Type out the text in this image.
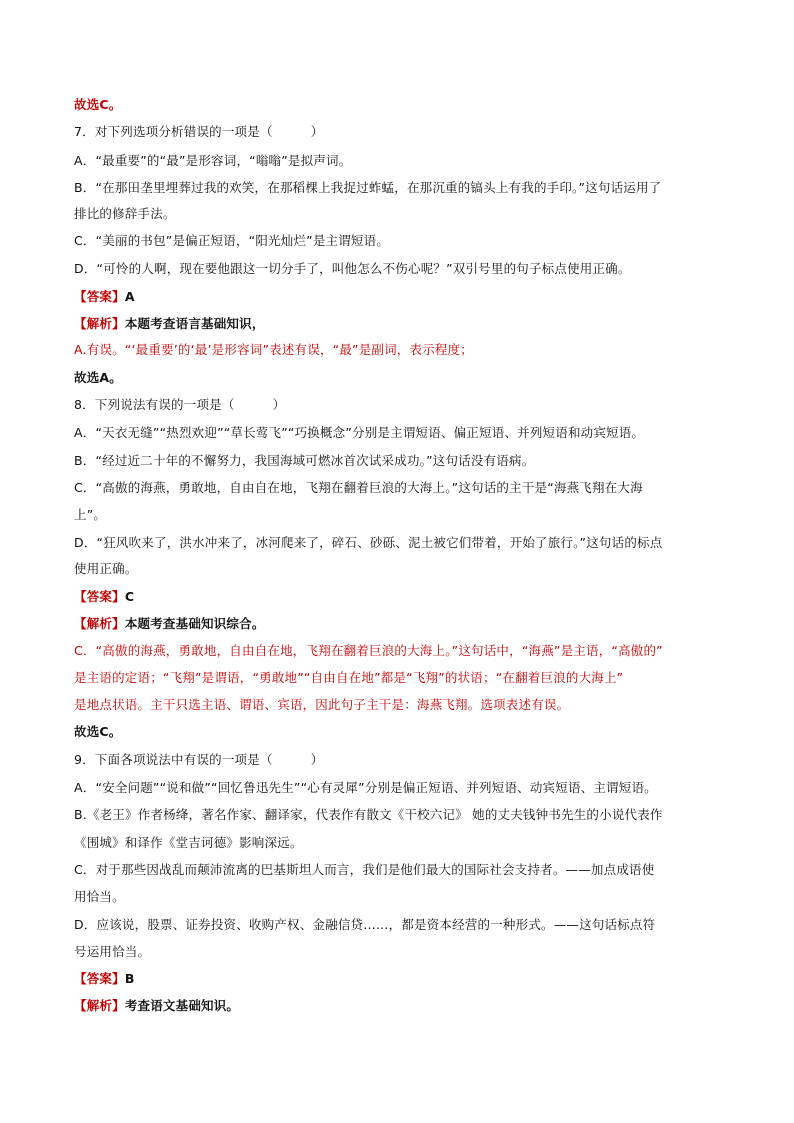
故选C。
7．对下列选项分析错误的一项是（　　　）
A．“最重要”的“最”是形容词，“嗡嗡”是拟声词。
B．“在那田垄里埋葬过我的欢笑，在那稻棵上我捉过蚱蜢，在那沉重的镐头上有我的手印。”这句话运用了
排比的修辞手法。
C．“美丽的书包”是偏正短语，“阳光灿烂”是主谓短语。
D．“可怜的人啊，现在要他跟这一切分手了，叫他怎么不伤心呢？”双引号里的句子标点使用正确。
【答案】A
【解析】本题考查语言基础知识，
A.有误。“‘最重要’的‘最’是形容词”表述有误，“最”是副词，表示程度；
故选A。
8．下列说法有误的一项是（　　　）
A．“天衣无缝”“热烈欢迎”“草长莺飞”“巧换概念”分别是主谓短语、偏正短语、并列短语和动宾短语。
B．“经过近二十年的不懈努力，我国海域可燃冰首次试采成功。”这句话没有语病。
C．“高傲的海燕，勇敢地，自由自在地，飞翔在翻着巨浪的大海上。”这句话的主干是“海燕飞翔在大海
上”。
D．“狂风吹来了，洪水冲来了，冰河爬来了，碎石、砂砾、泥土被它们带着，开始了旅行。”这句话的标点
使用正确。
【答案】C
【解析】本题考查基础知识综合。
C．“高傲的海燕，勇敢地，自由自在地，飞翔在翻着巨浪的大海上。”这句话中，“海燕”是主语，“高傲的”
是主语的定语；“飞翔”是谓语，“勇敢地”“自由自在地”都是“飞翔”的状语；“在翻着巨浪的大海上”
是地点状语。主干只选主语、谓语、宾语，因此句子主干是：海燕飞翔。选项表述有误。
故选C。
9．下面各项说法中有误的一项是（　　　）
A．“安全问题”“说和做”“回忆鲁迅先生”“心有灵犀”分别是偏正短语、并列短语、动宾短语、主谓短语。
B.《老王》作者杨绛，著名作家、翻译家，代表作有散文《干校六记》 她的丈夫钱钟书先生的小说代表作
《围城》和译作《堂吉诃德》影响深远。
C．对于那些因战乱而颠沛流离的巴基斯坦人而言，我们是他们最大的国际社会支持者。——加点成语使
用恰当。
D．应该说，股票、证券投资、收购产权、金融信贷……，都是资本经营的一种形式。——这句话标点符
号运用恰当。
【答案】B
【解析】考查语文基础知识。
